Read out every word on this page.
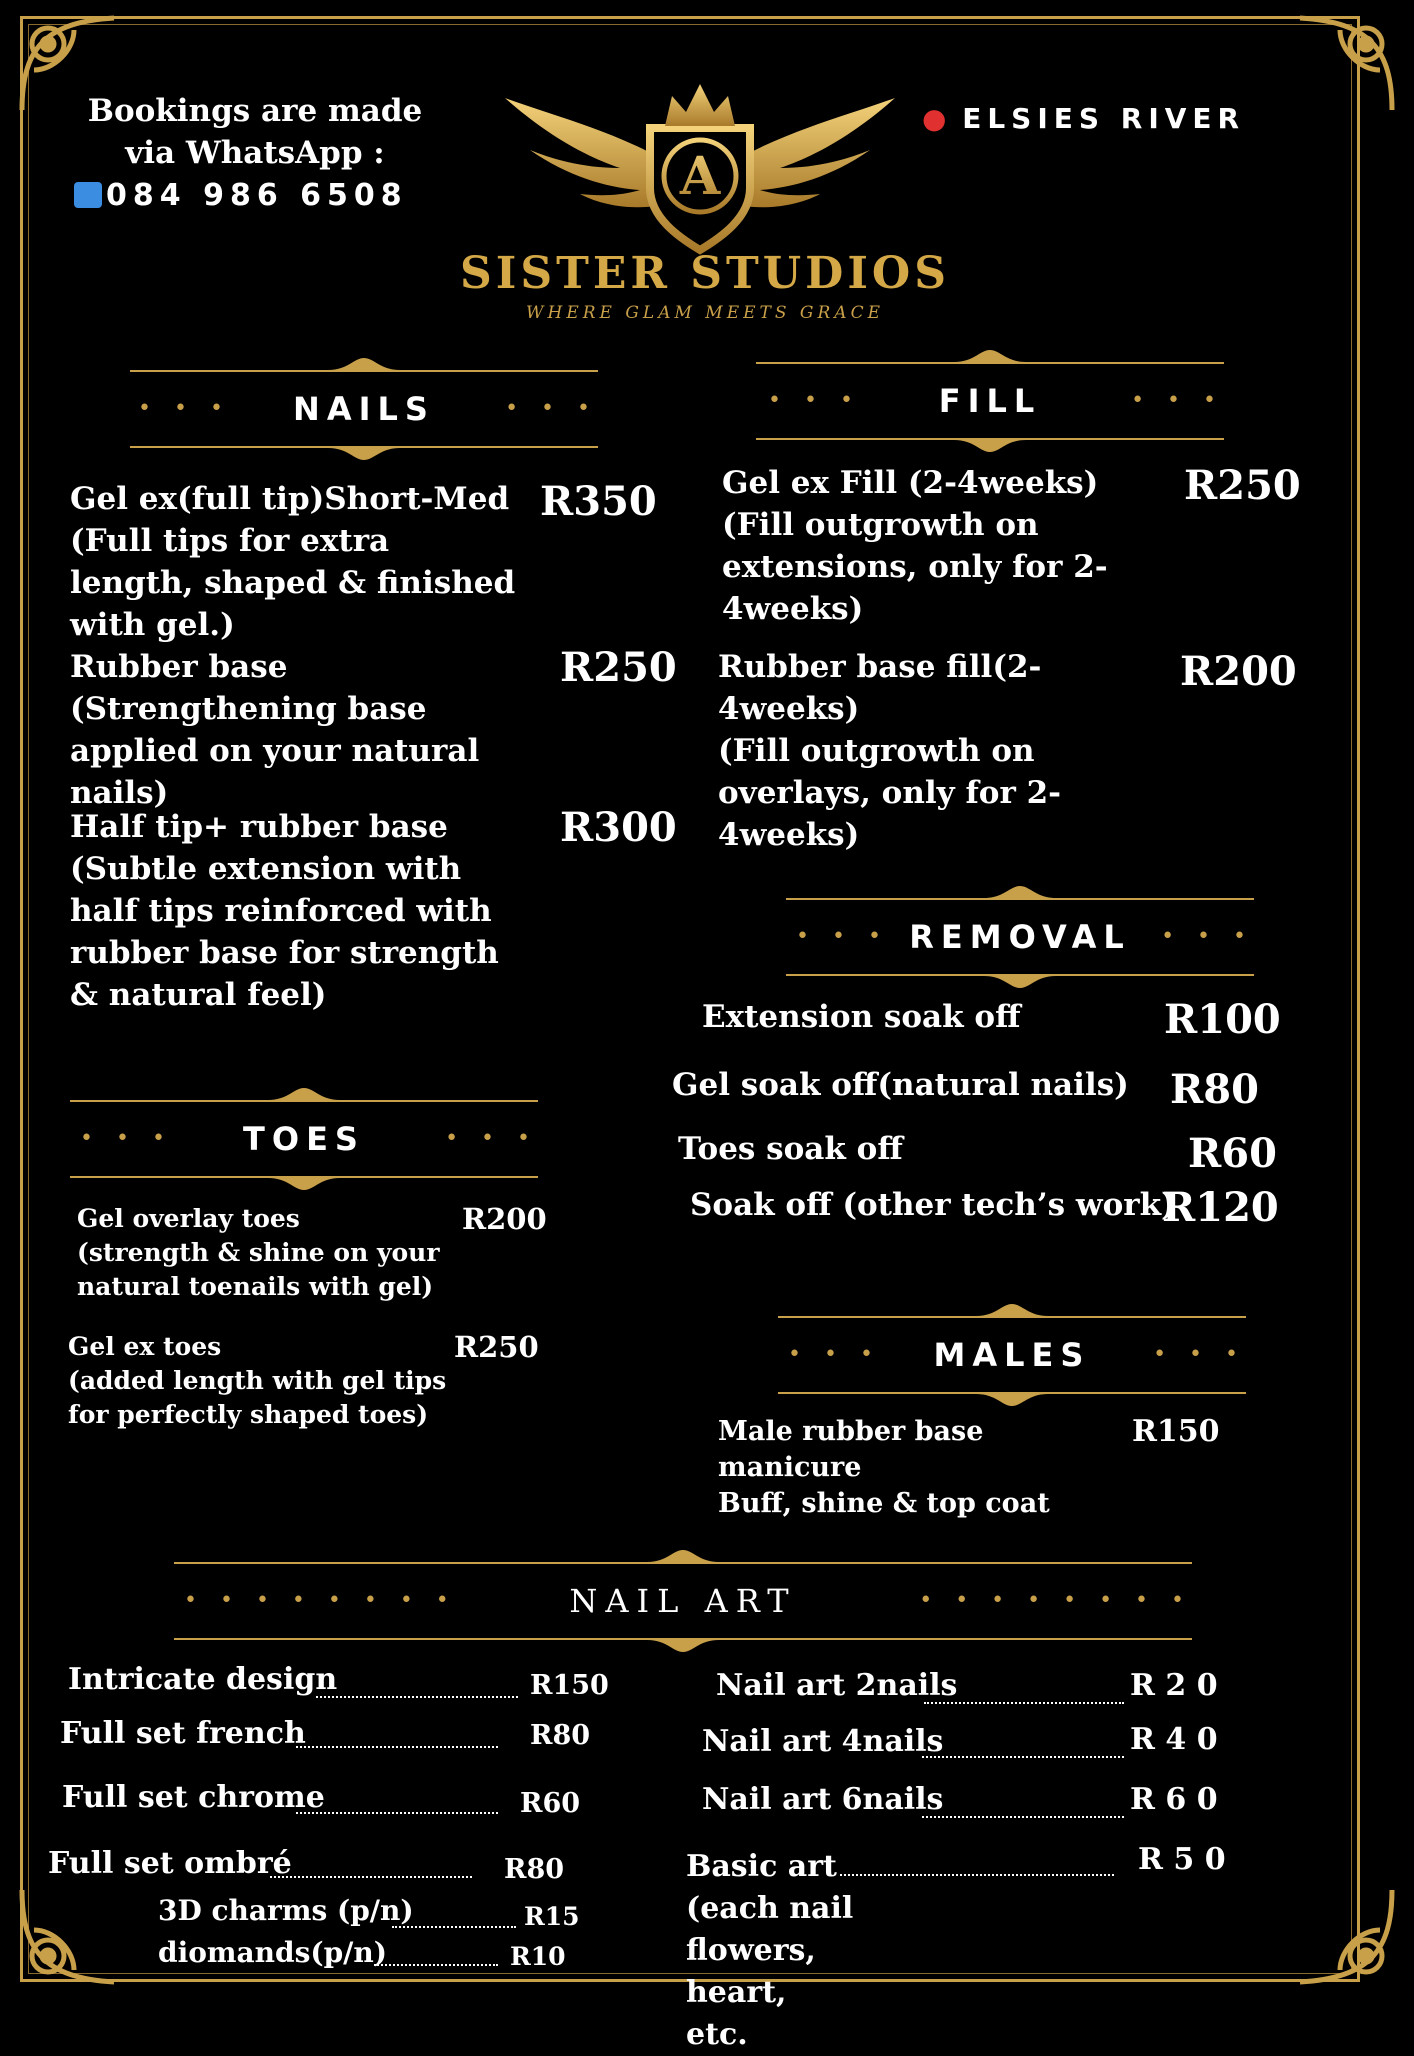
Bookings are made via WhatsApp :
084 986 6508
● ELSIES RIVER
A
SISTER STUDIOS
WHERE GLAM MEETS GRACE
• • •	NAILS	• • •
Gel ex(full tip)Short-Med
(Full tips for extra length, shaped & finished with gel.)
R350
Rubber base
(Strengthening base applied on your natural nails)
R250
Half tip+ rubber base
(Subtle extension with half tips reinforced with rubber base for strength & natural feel)
R300
• • •	FILL	• • •
Gel ex Fill (2-4weeks)
(Fill outgrowth on extensions, only for 2-4weeks)
R250
Rubber base fill(2-4weeks)
(Fill outgrowth on overlays, only for 2-4weeks)
R200
• • • REMOVAL	• • •
Extension soak off	R100
Gel soak off(natural nails) R80
Toes soak off	R60
Soak off (other tech’s work)
R120
• • •	TOES	• • •
Gel overlay toes
(strength & shine on your natural toenails with gel)
R200
Gel ex toes
(added length with gel tips for perfectly shaped toes)
R250	• • •	MALES	• • •
Male rubber base manicure
Buff, shine & top coat
R150
• • • • • • • •	NAIL ART	• • • • • • • •
Intricate design	R150
Full set french	R80
Full set chrome	R60
Full set ombré	R80
3D charms (p/n)	R15
diomands(p/n)	R10
Nail art 2nails	R 2 0
Nail art 4nails	R 4 0
Nail art 6nails	R 6 0
Basic art
(each nail flowers, heart, etc.
R 5 0
